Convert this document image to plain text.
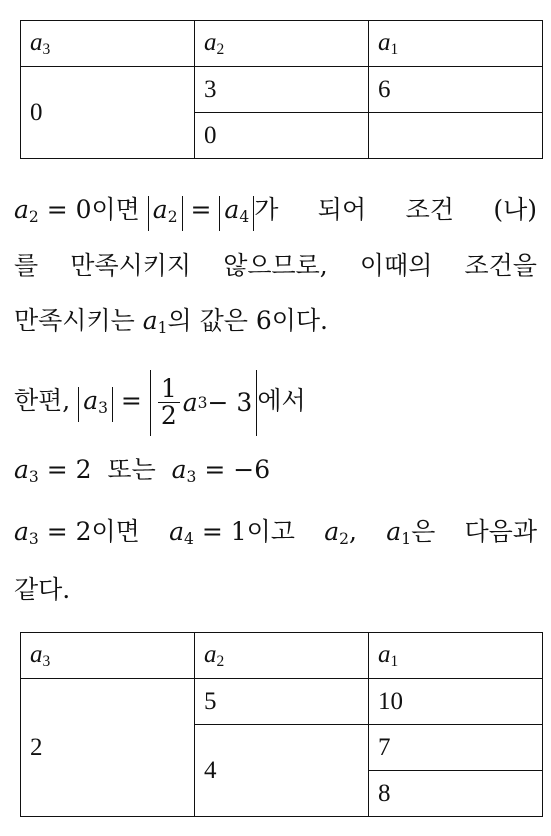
$a_3$	$a_2$	$a_1$
0	3	6
	0	
$a_2 = 0$이면 $a_2 = a_4$ 가 되어 조건 (나)
를 만족시키지 않으므로, 이때의 조건을
만족시키는 $a_1$의 값은 6이다.
한편, $a_3 = \frac{1}{2}$ a 3 − 3 에서
$a_3 = 2$  또는  $a_3 = -6$
$a_3 = 2$이면 $a_4 = 1$이고 $a_2$, $a_1$은 다음과
같다.
$a_3$	$a_2$	$a_1$
2	5	10
	4	7
		8
